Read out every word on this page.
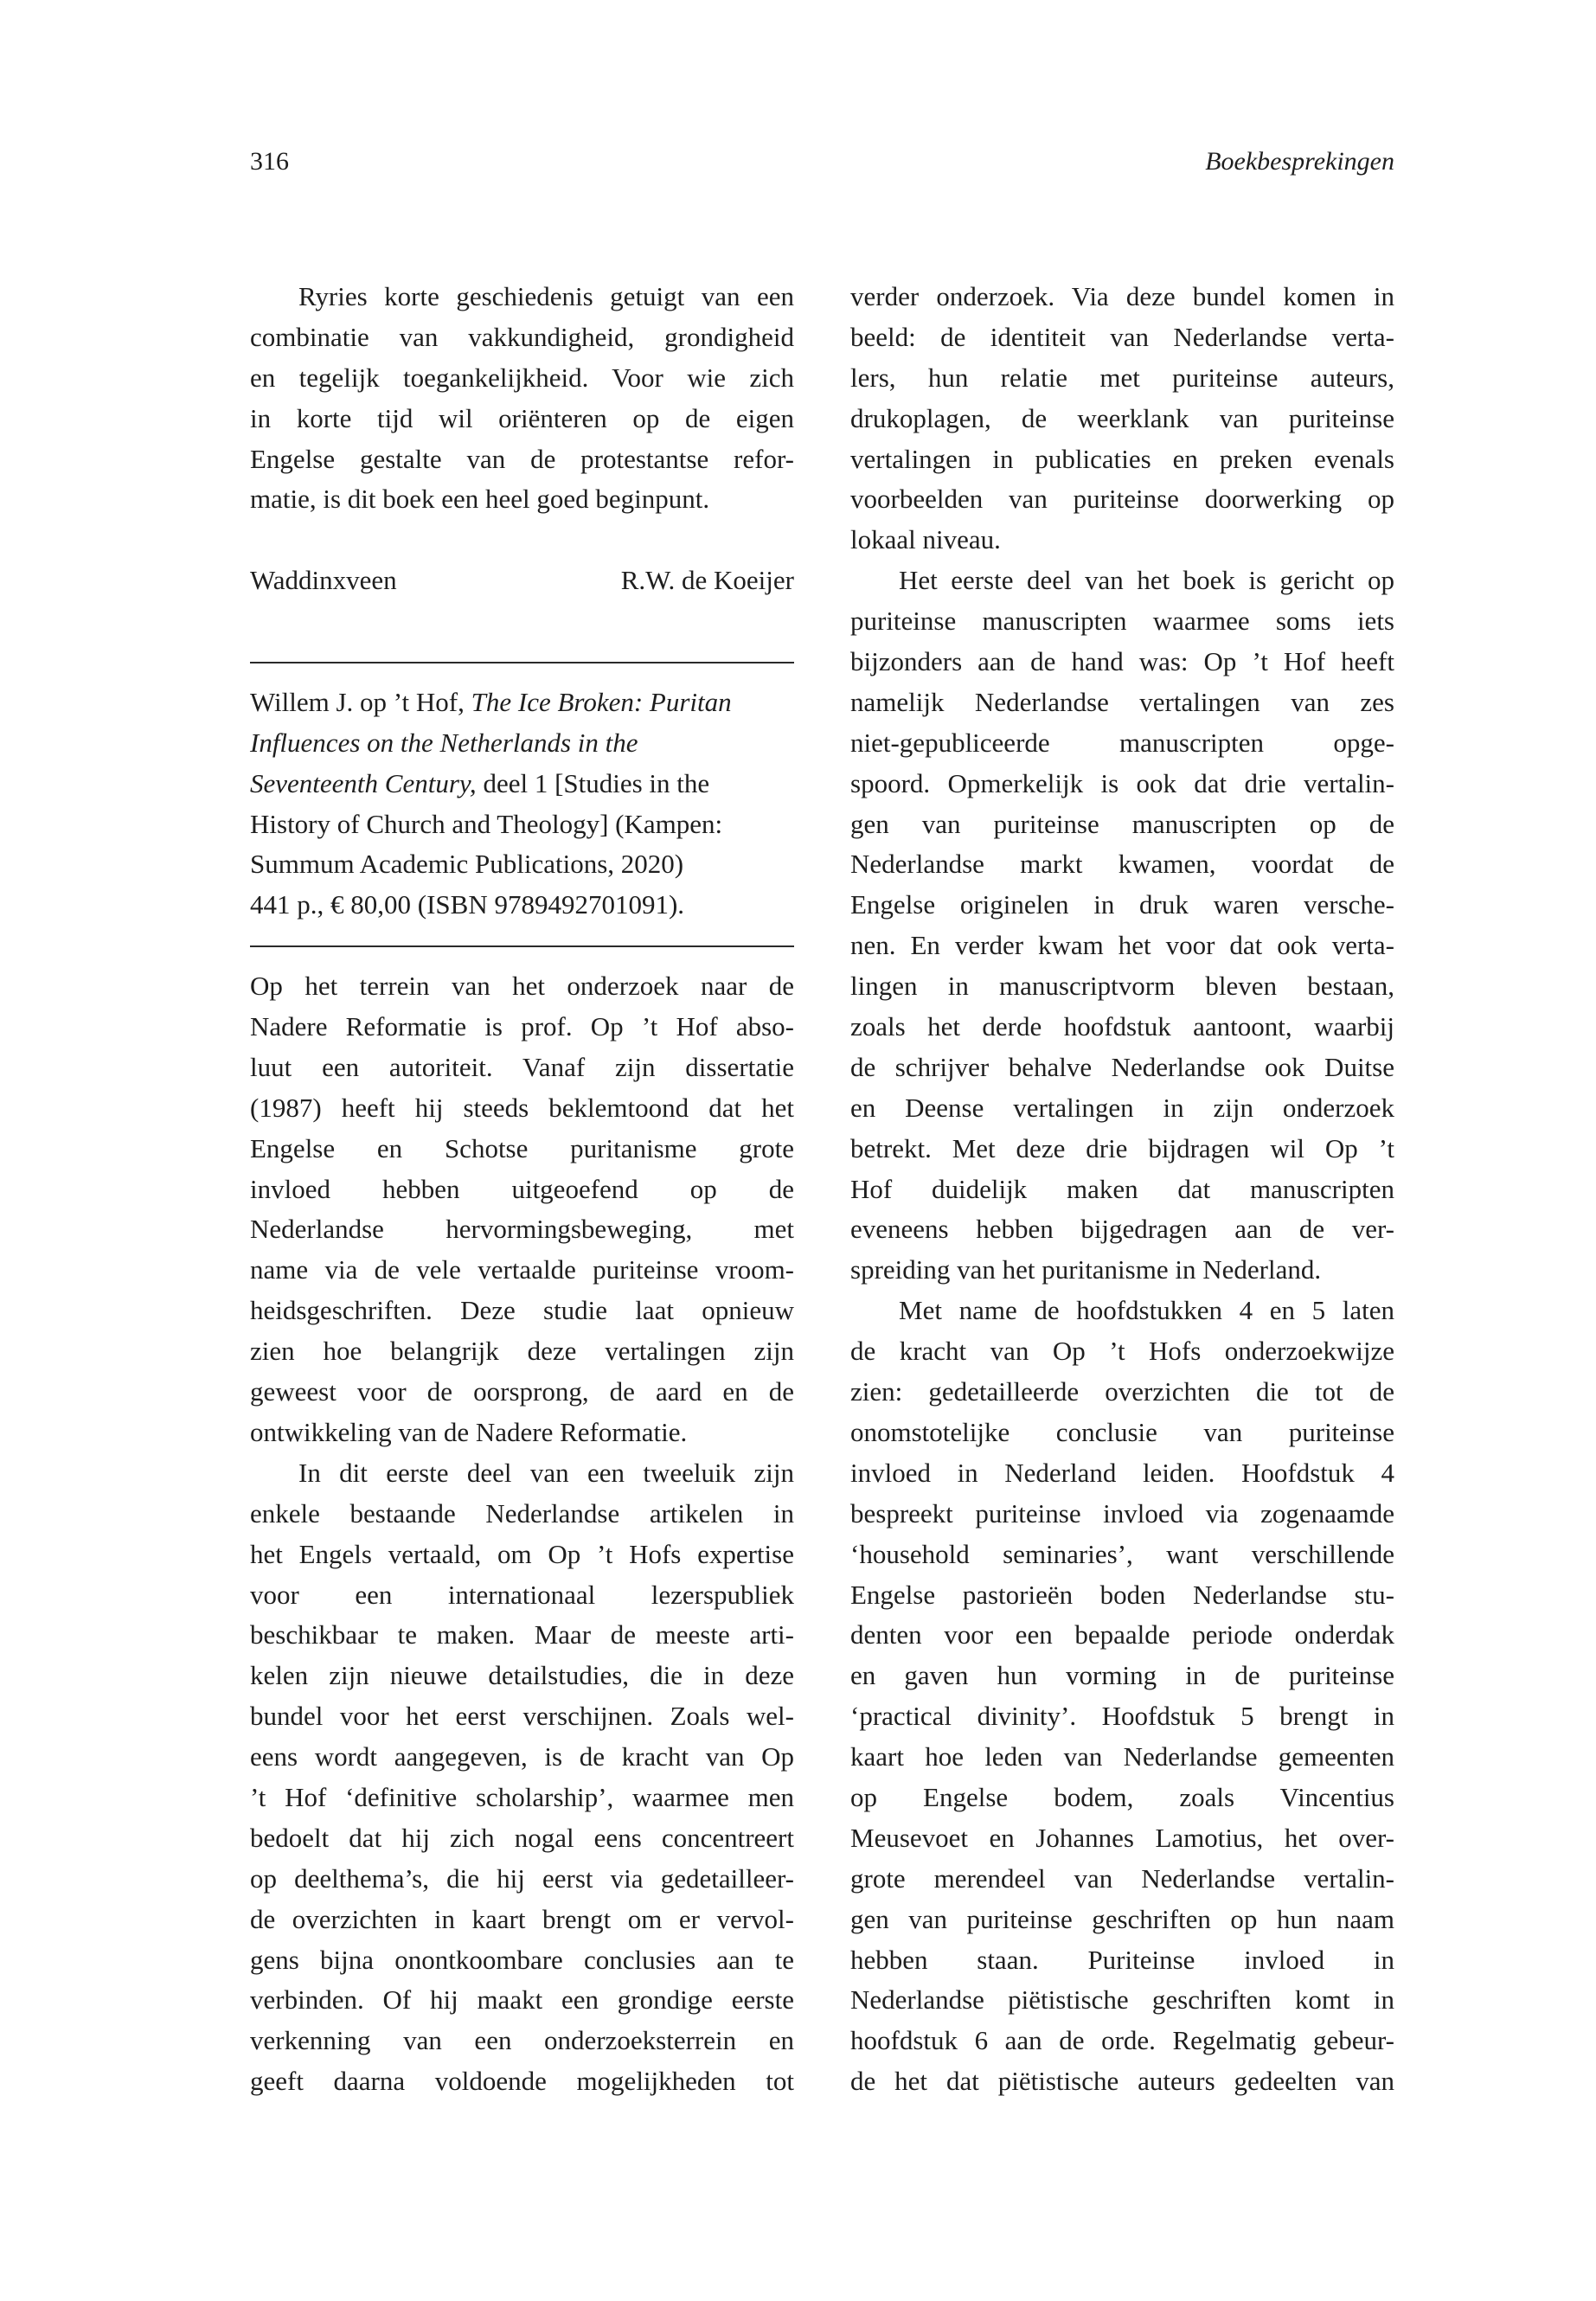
316	Boekbesprekingen
Ryries korte geschiedenis getuigt van een
combinatie van vakkundigheid, grondigheid
en tegelijk toegankelijkheid. Voor wie zich
in korte tijd wil oriënteren op de eigen
Engelse gestalte van de protestantse refor-
matie, is dit boek een heel goed beginpunt.
Waddinxveen	R.W. de Koeijer
Willem J. op ’t Hof, The Ice Broken: Puritan
Influences on the Netherlands in the
Seventeenth Century, deel 1 [Studies in the
History of Church and Theology] (Kampen:
Summum Academic Publications, 2020)
441 p., € 80,00 (ISBN 9789492701091).
Op het terrein van het onderzoek naar de
Nadere Reformatie is prof. Op ’t Hof abso-
luut een autoriteit. Vanaf zijn dissertatie
(1987) heeft hij steeds beklemtoond dat het
Engelse en Schotse puritanisme grote
invloed hebben uitgeoefend op de
Nederlandse hervormingsbeweging, met
name via de vele vertaalde puriteinse vroom-
heidsgeschriften. Deze studie laat opnieuw
zien hoe belangrijk deze vertalingen zijn
geweest voor de oorsprong, de aard en de
ontwikkeling van de Nadere Reformatie.
In dit eerste deel van een tweeluik zijn
enkele bestaande Nederlandse artikelen in
het Engels vertaald, om Op ’t Hofs expertise
voor een internationaal lezerspubliek
beschikbaar te maken. Maar de meeste arti-
kelen zijn nieuwe detailstudies, die in deze
bundel voor het eerst verschijnen. Zoals wel-
eens wordt aangegeven, is de kracht van Op
’t Hof ‘definitive scholarship’, waarmee men
bedoelt dat hij zich nogal eens concentreert
op deelthema’s, die hij eerst via gedetailleer-
de overzichten in kaart brengt om er vervol-
gens bijna onontkoombare conclusies aan te
verbinden. Of hij maakt een grondige eerste
verkenning van een onderzoeksterrein en
geeft daarna voldoende mogelijkheden tot
verder onderzoek. Via deze bundel komen in
beeld: de identiteit van Nederlandse verta-
lers, hun relatie met puriteinse auteurs,
drukoplagen, de weerklank van puriteinse
vertalingen in publicaties en preken evenals
voorbeelden van puriteinse doorwerking op
lokaal niveau.
Het eerste deel van het boek is gericht op
puriteinse manuscripten waarmee soms iets
bijzonders aan de hand was: Op ’t Hof heeft
namelijk Nederlandse vertalingen van zes
niet-gepubliceerde manuscripten opge-
spoord. Opmerkelijk is ook dat drie vertalin-
gen van puriteinse manuscripten op de
Nederlandse markt kwamen, voordat de
Engelse originelen in druk waren versche-
nen. En verder kwam het voor dat ook verta-
lingen in manuscriptvorm bleven bestaan,
zoals het derde hoofdstuk aantoont, waarbij
de schrijver behalve Nederlandse ook Duitse
en Deense vertalingen in zijn onderzoek
betrekt. Met deze drie bijdragen wil Op ’t
Hof duidelijk maken dat manuscripten
eveneens hebben bijgedragen aan de ver-
spreiding van het puritanisme in Nederland.
Met name de hoofdstukken 4 en 5 laten
de kracht van Op ’t Hofs onderzoekwijze
zien: gedetailleerde overzichten die tot de
onomstotelijke conclusie van puriteinse
invloed in Nederland leiden. Hoofdstuk 4
bespreekt puriteinse invloed via zogenaamde
‘household seminaries’, want verschillende
Engelse pastorieën boden Nederlandse stu-
denten voor een bepaalde periode onderdak
en gaven hun vorming in de puriteinse
‘practical divinity’. Hoofdstuk 5 brengt in
kaart hoe leden van Nederlandse gemeenten
op Engelse bodem, zoals Vincentius
Meusevoet en Johannes Lamotius, het over-
grote merendeel van Nederlandse vertalin-
gen van puriteinse geschriften op hun naam
hebben staan. Puriteinse invloed in
Nederlandse piëtistische geschriften komt in
hoofdstuk 6 aan de orde. Regelmatig gebeur-
de het dat piëtistische auteurs gedeelten van
